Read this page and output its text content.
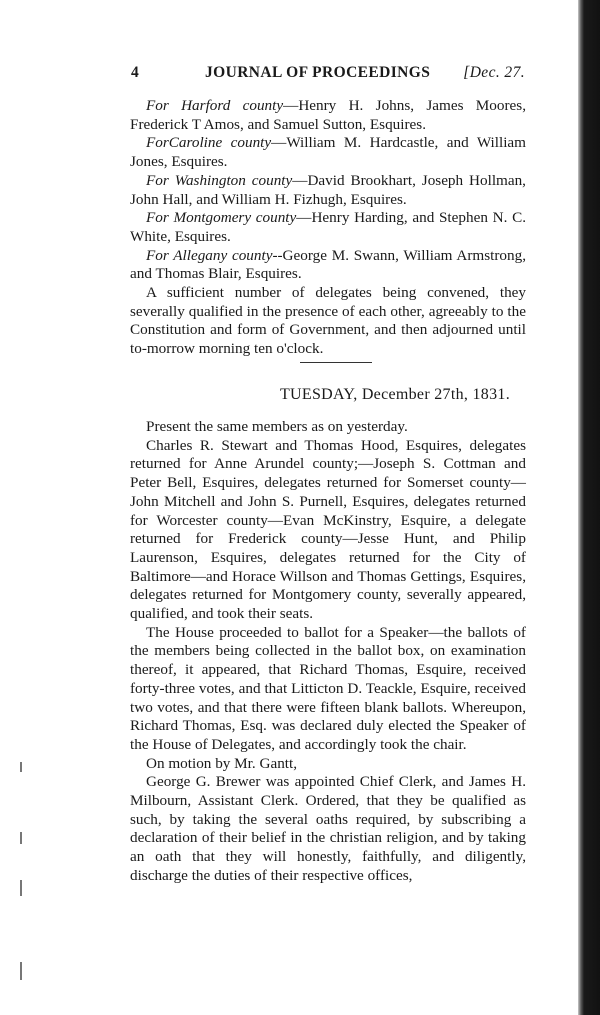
4	JOURNAL OF PROCEEDINGS [Dec. 27.

For Harford county—Henry H. Johns, James Moores, Frederick T Amos, and Samuel Sutton, Esquires.

ForCaroline county—William M. Hardcastle, and William Jones, Esquires.

For Washington county—David Brookhart, Joseph Hollman, John Hall, and William H. Fizhugh, Esquires.

For Montgomery county—Henry Harding, and Stephen N. C. White, Esquires.

For Allegany county--George M. Swann, William Armstrong, and Thomas Blair, Esquires.

A sufficient number of delegates being convened, they severally qualified in the presence of each other, agreeably to the Constitution and form of Government, and then adjourned until to-morrow morning ten o'clock.

TUESDAY, December 27th, 1831.

Present the same members as on yesterday.

Charles R. Stewart and Thomas Hood, Esquires, delegates returned for Anne Arundel county;—Joseph S. Cottman and Peter Bell, Esquires, delegates returned for Somerset county—John Mitchell and John S. Purnell, Esquires, delegates returned for Worcester county—Evan McKinstry, Esquire, a delegate returned for Frederick county—Jesse Hunt, and Philip Laurenson, Esquires, delegates returned for the City of Baltimore—and Horace Willson and Thomas Gettings, Esquires, delegates returned for Montgomery county, severally appeared, qualified, and took their seats.

The House proceeded to ballot for a Speaker—the ballots of the members being collected in the ballot box, on examination thereof, it appeared, that Richard Thomas, Esquire, received forty-three votes, and that Litticton D. Teackle, Esquire, received two votes, and that there were fifteen blank ballots. Whereupon, Richard Thomas, Esq. was declared duly elected the Speaker of the House of Delegates, and accordingly took the chair.

On motion by Mr. Gantt,

George G. Brewer was appointed Chief Clerk, and James H. Milbourn, Assistant Clerk. Ordered, that they be qualified as such, by taking the several oaths required, by subscribing a declaration of their belief in the christian religion, and by taking an oath that they will honestly, faithfully, and diligently, discharge the duties of their respective offices,
